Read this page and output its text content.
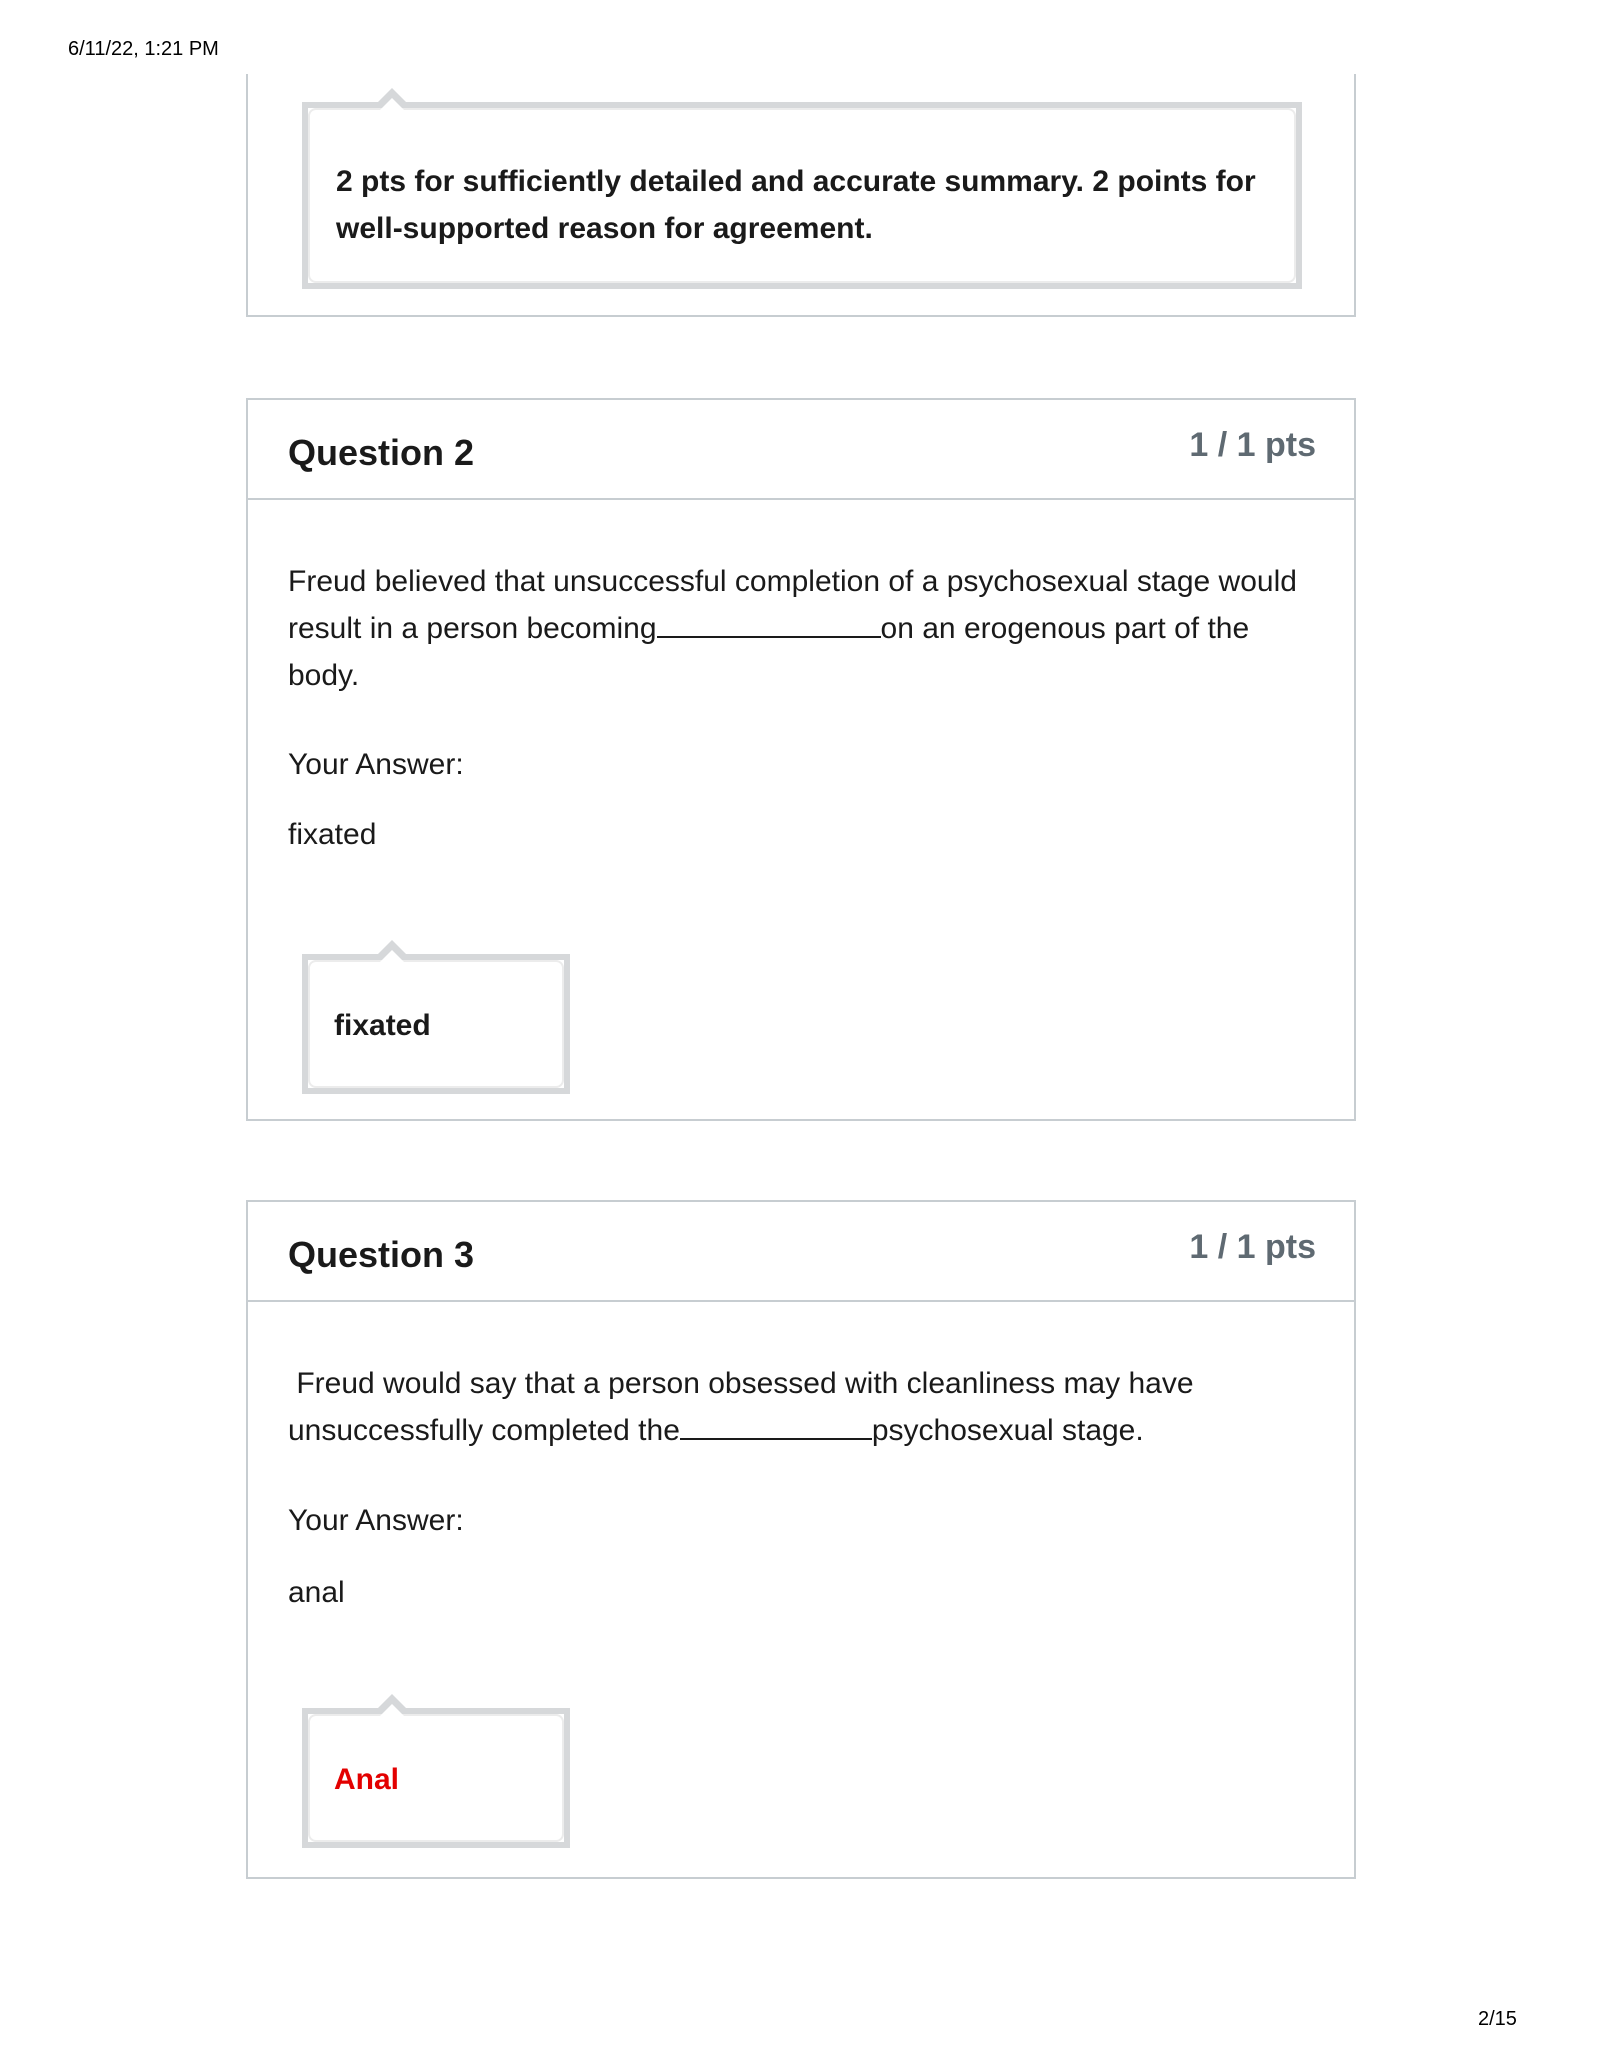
6/11/22, 1:21 PM
2 pts for sufficiently detailed and accurate summary. 2 points for well-supported reason for agreement.
Question 2	1 / 1 pts
Freud believed that unsuccessful completion of a psychosexual stage would result in a person becoming	on an erogenous part of the body.
Your Answer:
fixated
fixated
Question 3	1 / 1 pts
Freud would say that a person obsessed with cleanliness may have unsuccessfully completed the	psychosexual stage.
Your Answer:
anal
Anal
2/15
